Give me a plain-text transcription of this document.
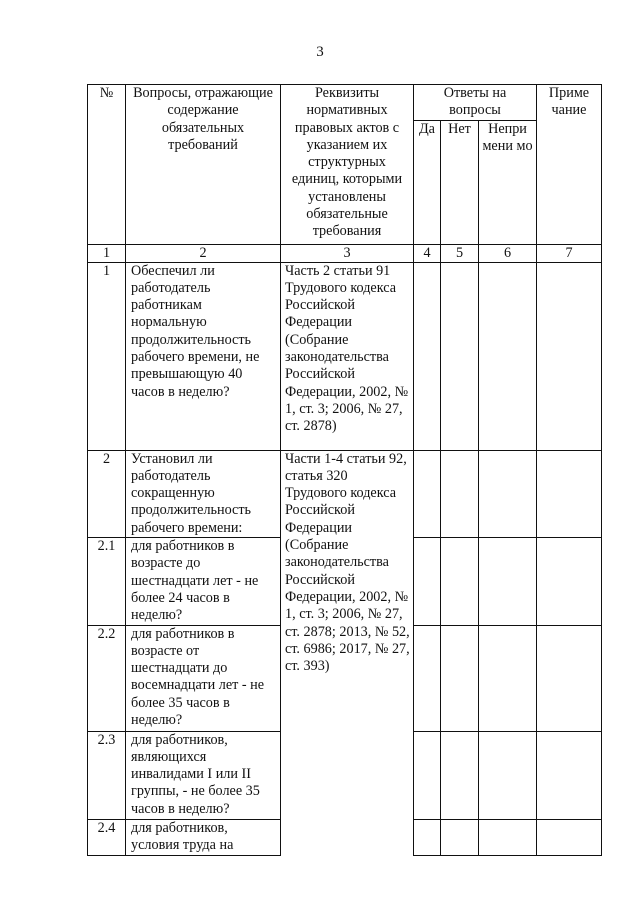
3
№	Вопросы, отражающие содержание обязательных требований	Реквизиты нормативных правовых актов с указанием их структурных единиц, которыми установлены обязательные требования	Ответы на вопросы			Приме чание
			Да	Нет	Непри мени мо	
1	2	3	4	5	6	7
1	Обеспечил ли работодатель работникам нормальную продолжительность рабочего времени, не превышающую 40 часов в неделю?	Часть 2 статьи 91 Трудового кодекса Российской Федерации (Собрание законодательства Российской Федерации, 2002, № 1, ст. 3; 2006, № 27, ст. 2878)				
2	Установил ли работодатель сокращенную продолжительность рабочего времени:	Части 1-4 статьи 92, статья 320 Трудового кодекса Российской Федерации (Собрание законодательства Российской Федерации, 2002, № 1, ст. 3; 2006, № 27, ст. 2878; 2013, № 52, ст. 6986; 2017, № 27, ст. 393)				
2.1	для работников в возрасте до шестнадцати лет - не более 24 часов в неделю?					
2.2	для работников в возрасте от шестнадцати до восемнадцати лет - не более 35 часов в неделю?					
2.3	для работников, являющихся инвалидами I или II группы, - не более 35 часов в неделю?					
2.4	для работников, условия труда на					
